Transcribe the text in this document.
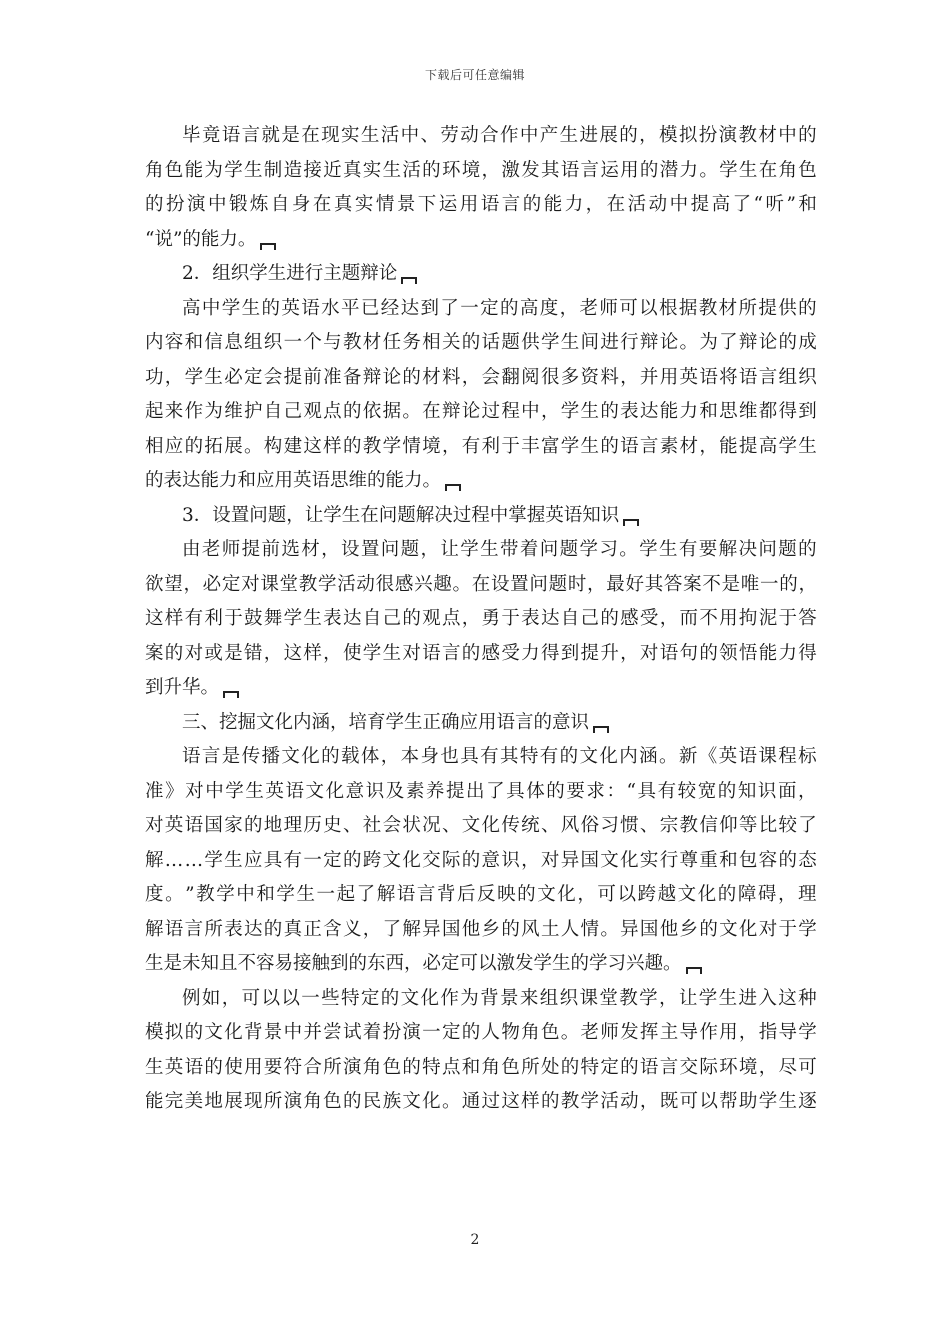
下载后可任意编辑
毕 竟 语 言 就 是 在 现 实 生 活 中 、 劳 动 合 作 中 产 生 进 展 的 ， 模 拟 扮 演 教 材 中 的
角 色 能 为 学 生 制 造 接 近 真 实 生 活 的 环 境 ， 激 发 其 语 言 运 用 的 潜 力 。 学 生 在 角 色
的 扮 演 中 锻 炼 自 身 在 真 实 情 景 下 运 用 语 言 的 能 力 ， 在 活 动 中 提 高 了 “ 听 ” 和
“说”的能力。
2．组织学生进行主题辩论
高 中 学 生 的 英 语 水 平 已 经 达 到 了 一 定 的 高 度 ， 老 师 可 以 根 据 教 材 所 提 供 的
内 容 和 信 息 组 织 一 个 与 教 材 任 务 相 关 的 话 题 供 学 生 间 进 行 辩 论 。 为 了 辩 论 的 成
功 ， 学 生 必 定 会 提 前 准 备 辩 论 的 材 料 ， 会 翻 阅 很 多 资 料 ， 并 用 英 语 将 语 言 组 织
起 来 作 为 维 护 自 己 观 点 的 依 据 。 在 辩 论 过 程 中 ， 学 生 的 表 达 能 力 和 思 维 都 得 到
相 应 的 拓 展 。 构 建 这 样 的 教 学 情 境 ， 有 利 于 丰 富 学 生 的 语 言 素 材 ， 能 提 高 学 生
的表达能力和应用英语思维的能力。
3．设置问题，让学生在问题解决过程中掌握英语知识
由 老 师 提 前 选 材 ， 设 置 问 题 ， 让 学 生 带 着 问 题 学 习 。 学 生 有 要 解 决 问 题 的
欲 望 ， 必 定 对 课 堂 教 学 活 动 很 感 兴 趣 。 在 设 置 问 题 时 ， 最 好 其 答 案 不 是 唯 一 的 ，
这 样 有 利 于 鼓 舞 学 生 表 达 自 己 的 观 点 ， 勇 于 表 达 自 己 的 感 受 ， 而 不 用 拘 泥 于 答
案 的 对 或 是 错 ， 这 样 ， 使 学 生 对 语 言 的 感 受 力 得 到 提 升 ， 对 语 句 的 领 悟 能 力 得
到升华。
三、挖掘文化内涵，培育学生正确应用语言的意识
语 言 是 传 播 文 化 的 载 体 ， 本 身 也 具 有 其 特 有 的 文 化 内 涵 。 新 《 英 语 课 程 标
准 》 对 中 学 生 英 语 文 化 意 识 及 素 养 提 出 了 具 体 的 要 求 ： “ 具 有 较 宽 的 知 识 面 ，
对 英 语 国 家 的 地 理 历 史 、 社 会 状 况 、 文 化 传 统 、 风 俗 习 惯 、 宗 教 信 仰 等 比 较 了
解 … … 学 生 应 具 有 一 定 的 跨 文 化 交 际 的 意 识 ， 对 异 国 文 化 实 行 尊 重 和 包 容 的 态
度 。 ” 教 学 中 和 学 生 一 起 了 解 语 言 背 后 反 映 的 文 化 ， 可 以 跨 越 文 化 的 障 碍 ， 理
解 语 言 所 表 达 的 真 正 含 义 ， 了 解 异 国 他 乡 的 风 土 人 情 。 异 国 他 乡 的 文 化 对 于 学
生是未知且不容易接触到的东西，必定可以激发学生的学习兴趣。
例 如 ， 可 以 以 一 些 特 定 的 文 化 作 为 背 景 来 组 织 课 堂 教 学 ， 让 学 生 进 入 这 种
模 拟 的 文 化 背 景 中 并 尝 试 着 扮 演 一 定 的 人 物 角 色 。 老 师 发 挥 主 导 作 用 ， 指 导 学
生 英 语 的 使 用 要 符 合 所 演 角 色 的 特 点 和 角 色 所 处 的 特 定 的 语 言 交 际 环 境 ， 尽 可
能 完 美 地 展 现 所 演 角 色 的 民 族 文 化 。 通 过 这 样 的 教 学 活 动 ， 既 可 以 帮 助 学 生 逐
2
